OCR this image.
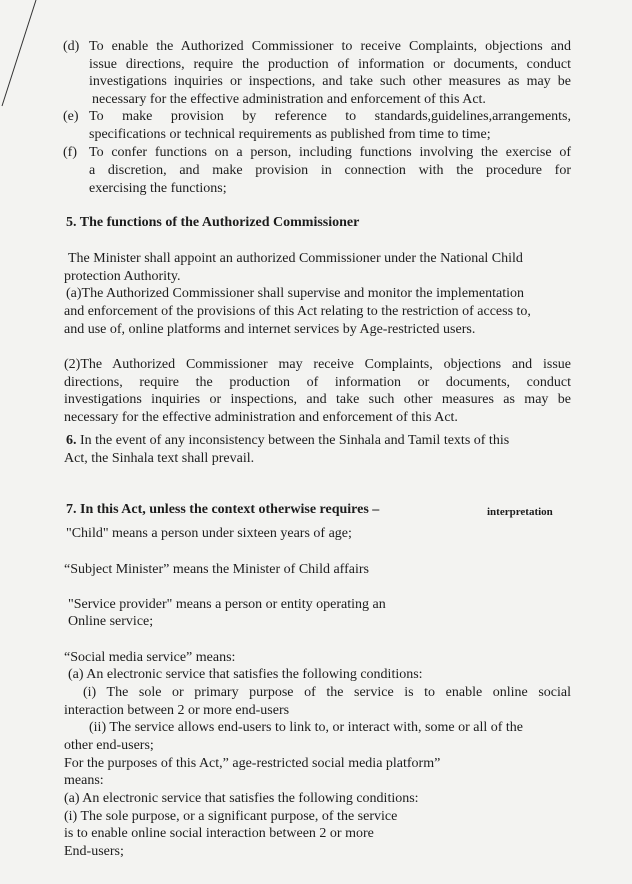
(d) To enable the Authorized Commissioner to receive Complaints, objections and
issue directions, require the production of information or documents, conduct
investigations inquiries or inspections, and take such other measures as may be
necessary for the effective administration and enforcement of this Act.
(e) To make provision by reference to standards,guidelines,arrangements,
specifications or technical requirements as published from time to time;
(f) To confer functions on a person, including functions involving the exercise of
a discretion, and make provision in connection with the procedure for
exercising the functions;
5. The functions of the Authorized Commissioner
The Minister shall appoint an authorized Commissioner under the National Child
protection Authority.
(a)The Authorized Commissioner shall supervise and monitor the implementation
and enforcement of the provisions of this Act relating to the restriction of access to,
and use of, online platforms and internet services by Age-restricted users.
(2)The Authorized Commissioner may receive Complaints, objections and issue
directions, require the production of information or documents, conduct
investigations inquiries or inspections, and take such other measures as may be
necessary for the effective administration and enforcement of this Act.
6. In the event of any inconsistency between the Sinhala and Tamil texts of this
Act, the Sinhala text shall prevail.
7. In this Act, unless the context otherwise requires –	interpretation
"Child" means a person under sixteen years of age;
“Subject Minister” means the Minister of Child affairs
"Service provider" means a person or entity operating an
Online service;
“Social media service” means:
(a) An electronic service that satisfies the following conditions:
(i) The sole or primary purpose of the service is to enable online social
interaction between 2 or more end-users
(ii) The service allows end-users to link to, or interact with, some or all of the
other end-users;
For the purposes of this Act,” age-restricted social media platform”
means:
(a) An electronic service that satisfies the following conditions:
(i) The sole purpose, or a significant purpose, of the service
is to enable online social interaction between 2 or more
End-users;
